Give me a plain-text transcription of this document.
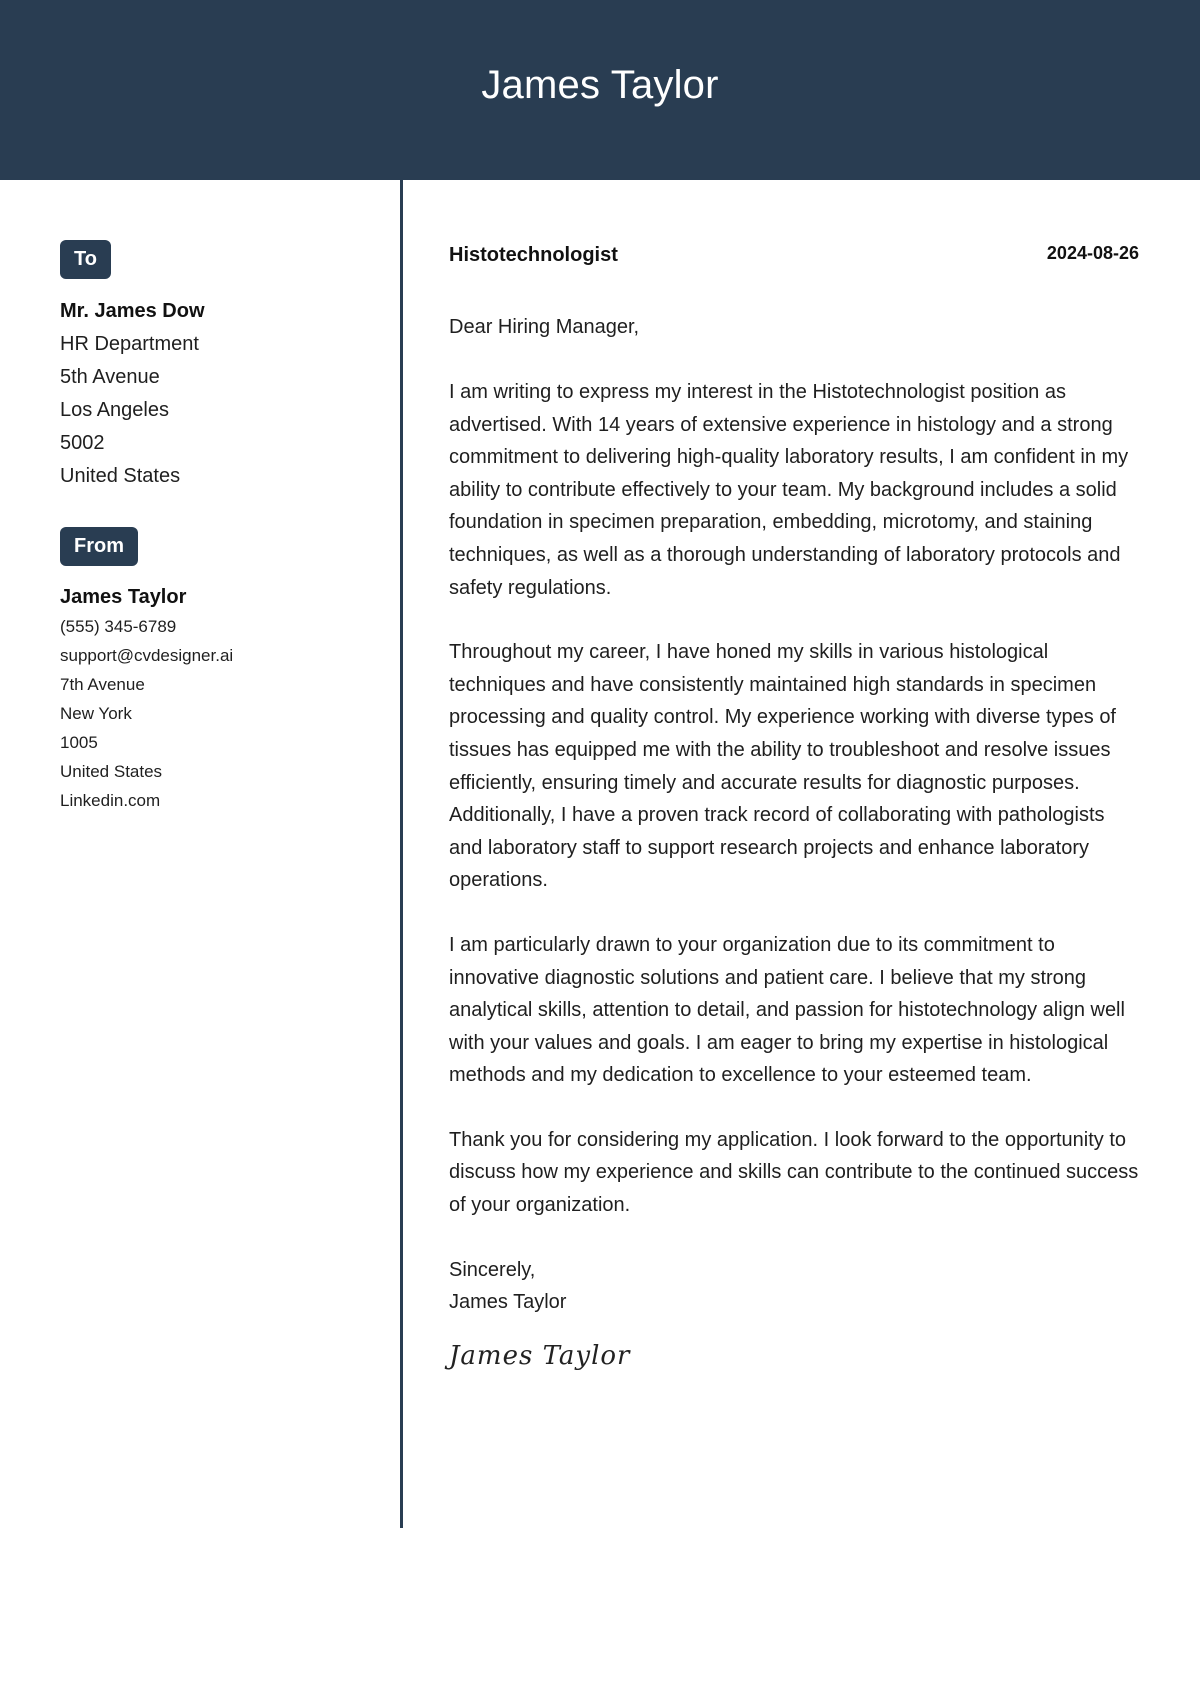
James Taylor
To
Mr. James Dow
HR Department
5th Avenue
Los Angeles
5002
United States
From
James Taylor
(555) 345-6789
support@cvdesigner.ai
7th Avenue
New York
1005
United States
Linkedin.com
Histotechnologist	2024-08-26
Dear Hiring Manager,
I am writing to express my interest in the Histotechnologist position as advertised. With 14 years of extensive experience in histology and a strong commitment to delivering high-quality laboratory results, I am confident in my ability to contribute effectively to your team. My background includes a solid foundation in specimen preparation, embedding, microtomy, and staining techniques, as well as a thorough understanding of laboratory protocols and safety regulations.
Throughout my career, I have honed my skills in various histological techniques and have consistently maintained high standards in specimen processing and quality control. My experience working with diverse types of tissues has equipped me with the ability to troubleshoot and resolve issues efficiently, ensuring timely and accurate results for diagnostic purposes. Additionally, I have a proven track record of collaborating with pathologists and laboratory staff to support research projects and enhance laboratory operations.
I am particularly drawn to your organization due to its commitment to innovative diagnostic solutions and patient care. I believe that my strong analytical skills, attention to detail, and passion for histotechnology align well with your values and goals. I am eager to bring my expertise in histological methods and my dedication to excellence to your esteemed team.
Thank you for considering my application. I look forward to the opportunity to discuss how my experience and skills can contribute to the continued success of your organization.
Sincerely,
James Taylor
James Taylor
